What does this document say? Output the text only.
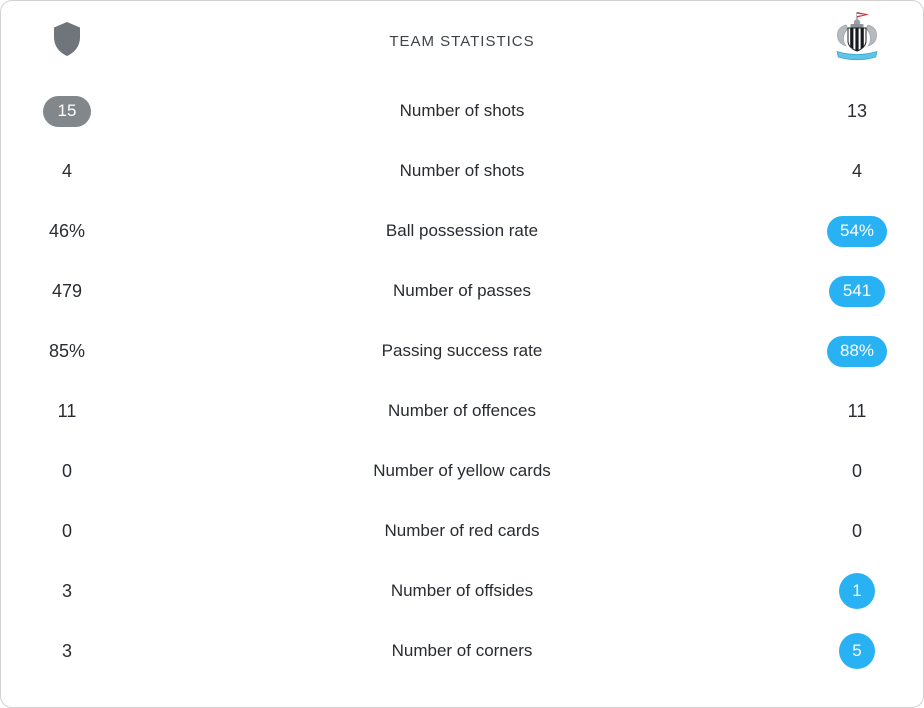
TEAM STATISTICS
15	Number of shots	13
4	Number of shots	4
46%	Ball possession rate	54%
479	Number of passes	541
85%	Passing success rate	88%
11	Number of offences	11
0	Number of yellow cards	0
0	Number of red cards	0
3	Number of offsides	1
3	Number of corners	5
